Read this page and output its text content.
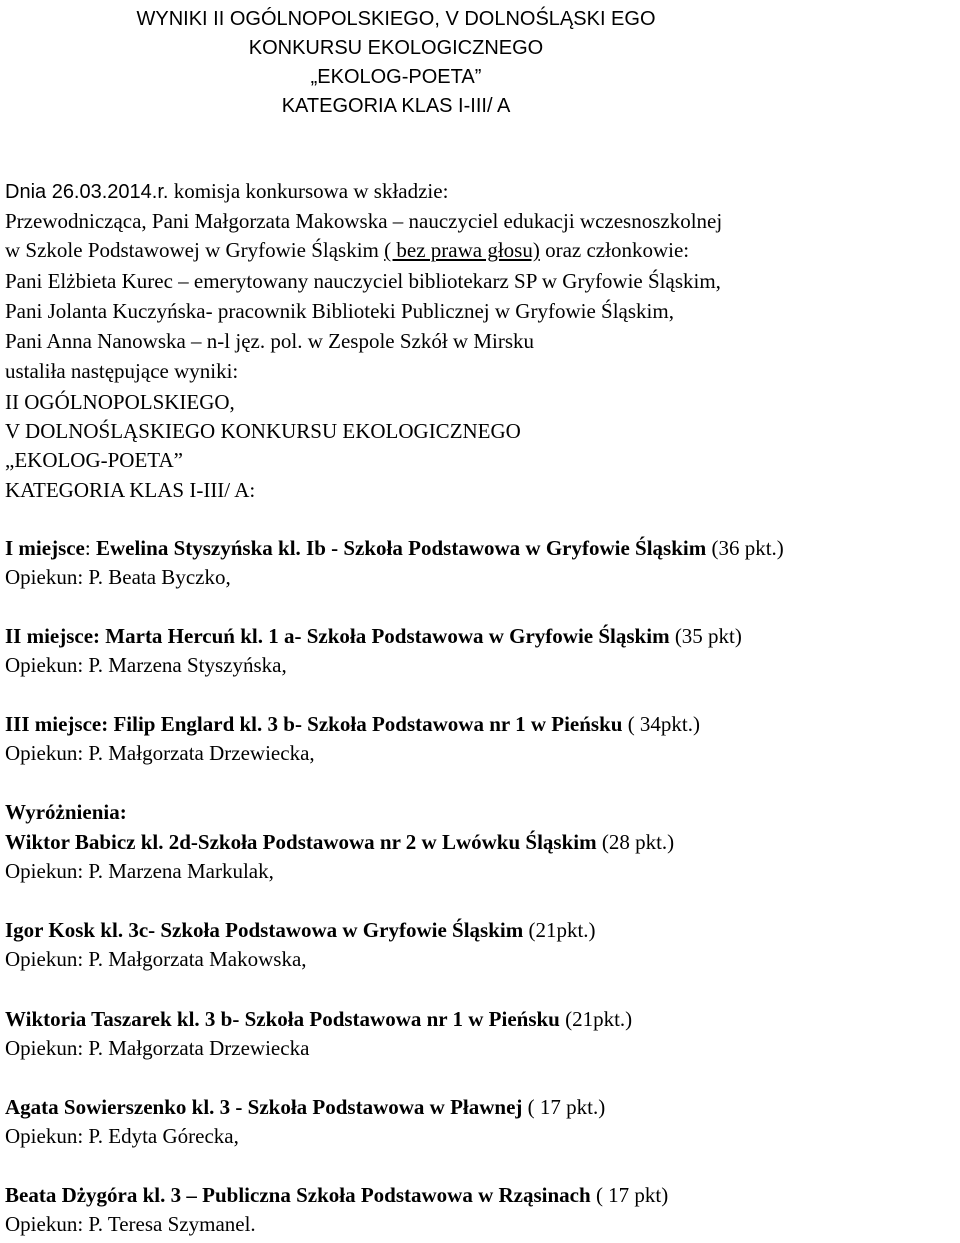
WYNIKI II OGÓLNOPOLSKIEGO, V DOLNOŚLĄSKI EGO

KONKURSU EKOLOGICZNEGO

„EKOLOG-POETA”

KATEGORIA KLAS I-III/ A

Dnia 26.03.2014.r. komisja konkursowa w składzie:

Przewodnicząca, Pani Małgorzata Makowska – nauczyciel edukacji wczesnoszkolnej

w Szkole Podstawowej w Gryfowie Śląskim ( bez prawa głosu) oraz członkowie:

Pani Elżbieta Kurec – emerytowany nauczyciel bibliotekarz SP w Gryfowie Śląskim,

Pani Jolanta Kuczyńska- pracownik Biblioteki Publicznej w Gryfowie Śląskim,

Pani Anna Nanowska – n-l jęz. pol. w Zespole Szkół w Mirsku

ustaliła następujące wyniki:

II OGÓLNOPOLSKIEGO,

V DOLNOŚLĄSKIEGO KONKURSU EKOLOGICZNEGO

„EKOLOG-POETA”

KATEGORIA KLAS I-III/ A:

I miejsce: Ewelina Styszyńska kl. Ib - Szkoła Podstawowa w Gryfowie Śląskim (36 pkt.)

Opiekun: P. Beata Byczko,

II miejsce: Marta Hercuń kl. 1 a- Szkoła Podstawowa w Gryfowie Śląskim (35 pkt)

Opiekun: P. Marzena Styszyńska,

III miejsce: Filip Englard kl. 3 b- Szkoła Podstawowa nr 1 w Pieńsku ( 34pkt.)

Opiekun: P. Małgorzata Drzewiecka,

Wyróżnienia:

Wiktor Babicz kl. 2d-Szkoła Podstawowa nr 2 w Lwówku Śląskim (28 pkt.)

Opiekun: P. Marzena Markulak,

Igor Kosk kl. 3c- Szkoła Podstawowa w Gryfowie Śląskim (21pkt.)

Opiekun: P. Małgorzata Makowska,

Wiktoria Taszarek kl. 3 b- Szkoła Podstawowa nr 1 w Pieńsku (21pkt.)

Opiekun: P. Małgorzata Drzewiecka

Agata Sowierszenko kl. 3 - Szkoła Podstawowa w Pławnej ( 17 pkt.)

Opiekun: P. Edyta Górecka,

Beata Dżygóra kl. 3 – Publiczna Szkoła Podstawowa w Rząsinach ( 17 pkt)

Opiekun: P. Teresa Szymanel.
